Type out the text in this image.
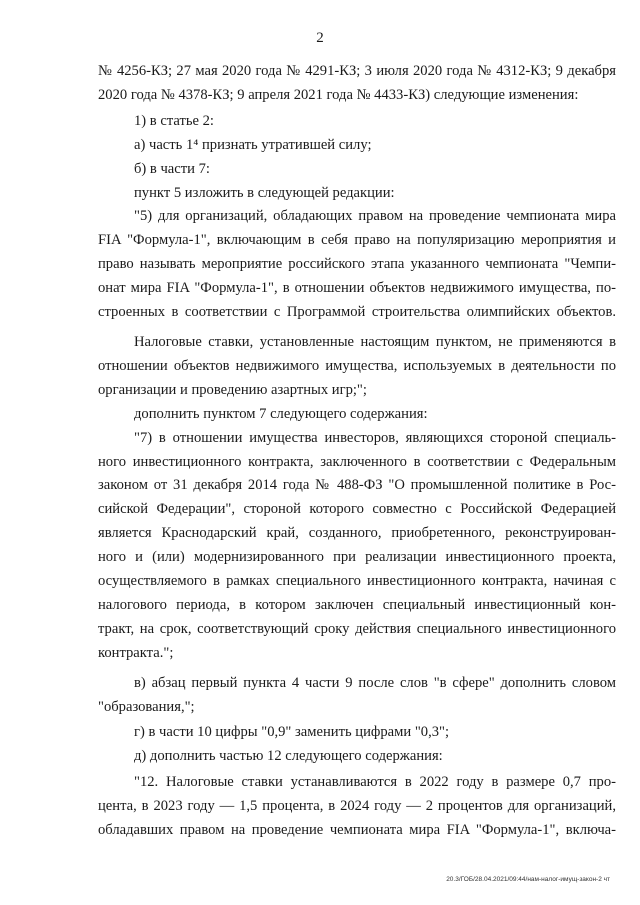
2
№ 4256-КЗ; 27 мая 2020 года № 4291-КЗ; 3 июля 2020 года № 4312-КЗ; 9 декабря
2020 года № 4378-КЗ; 9 апреля 2021 года № 4433-КЗ) следующие изменения:
1) в статье 2:
а) часть 1⁴ признать утратившей силу;
б) в части 7:
пункт 5 изложить в следующей редакции:
"5) для организаций, обладающих правом на проведение чемпионата мира
FIA "Формула-1", включающим в себя право на популяризацию мероприятия и
право называть мероприятие российского этапа указанного чемпионата "Чемпи-
онат мира FIA "Формула-1", в отношении объектов недвижимого имущества, по-
строенных в соответствии с Программой строительства олимпийских объектов.
Налоговые ставки, установленные настоящим пунктом, не применяются в
отношении объектов недвижимого имущества, используемых в деятельности по
организации и проведению азартных игр;";
дополнить пунктом 7 следующего содержания:
"7) в отношении имущества инвесторов, являющихся стороной специаль-
ного инвестиционного контракта, заключенного в соответствии с Федеральным
законом от 31 декабря 2014 года № 488-ФЗ "О промышленной политике в Рос-
сийской Федерации", стороной которого совместно с Российской Федерацией
является Краснодарский край, созданного, приобретенного, реконструирован-
ного и (или) модернизированного при реализации инвестиционного проекта,
осуществляемого в рамках специального инвестиционного контракта, начиная с
налогового периода, в котором заключен специальный инвестиционный кон-
тракт, на срок, соответствующий сроку действия специального инвестиционного
контракта.";
в) абзац первый пункта 4 части 9 после слов "в сфере" дополнить словом
"образования,";
г) в части 10 цифры "0,9" заменить цифрами "0,3";
д) дополнить частью 12 следующего содержания:
"12. Налоговые ставки устанавливаются в 2022 году в размере 0,7 про-
цента, в 2023 году — 1,5 процента, в 2024 году — 2 процентов для организаций,
обладавших правом на проведение чемпионата мира FIA "Формула-1", включа-
20.3/ГОБ/28.04.2021/09:44/нам-налог-имущ-закон-2 чт
